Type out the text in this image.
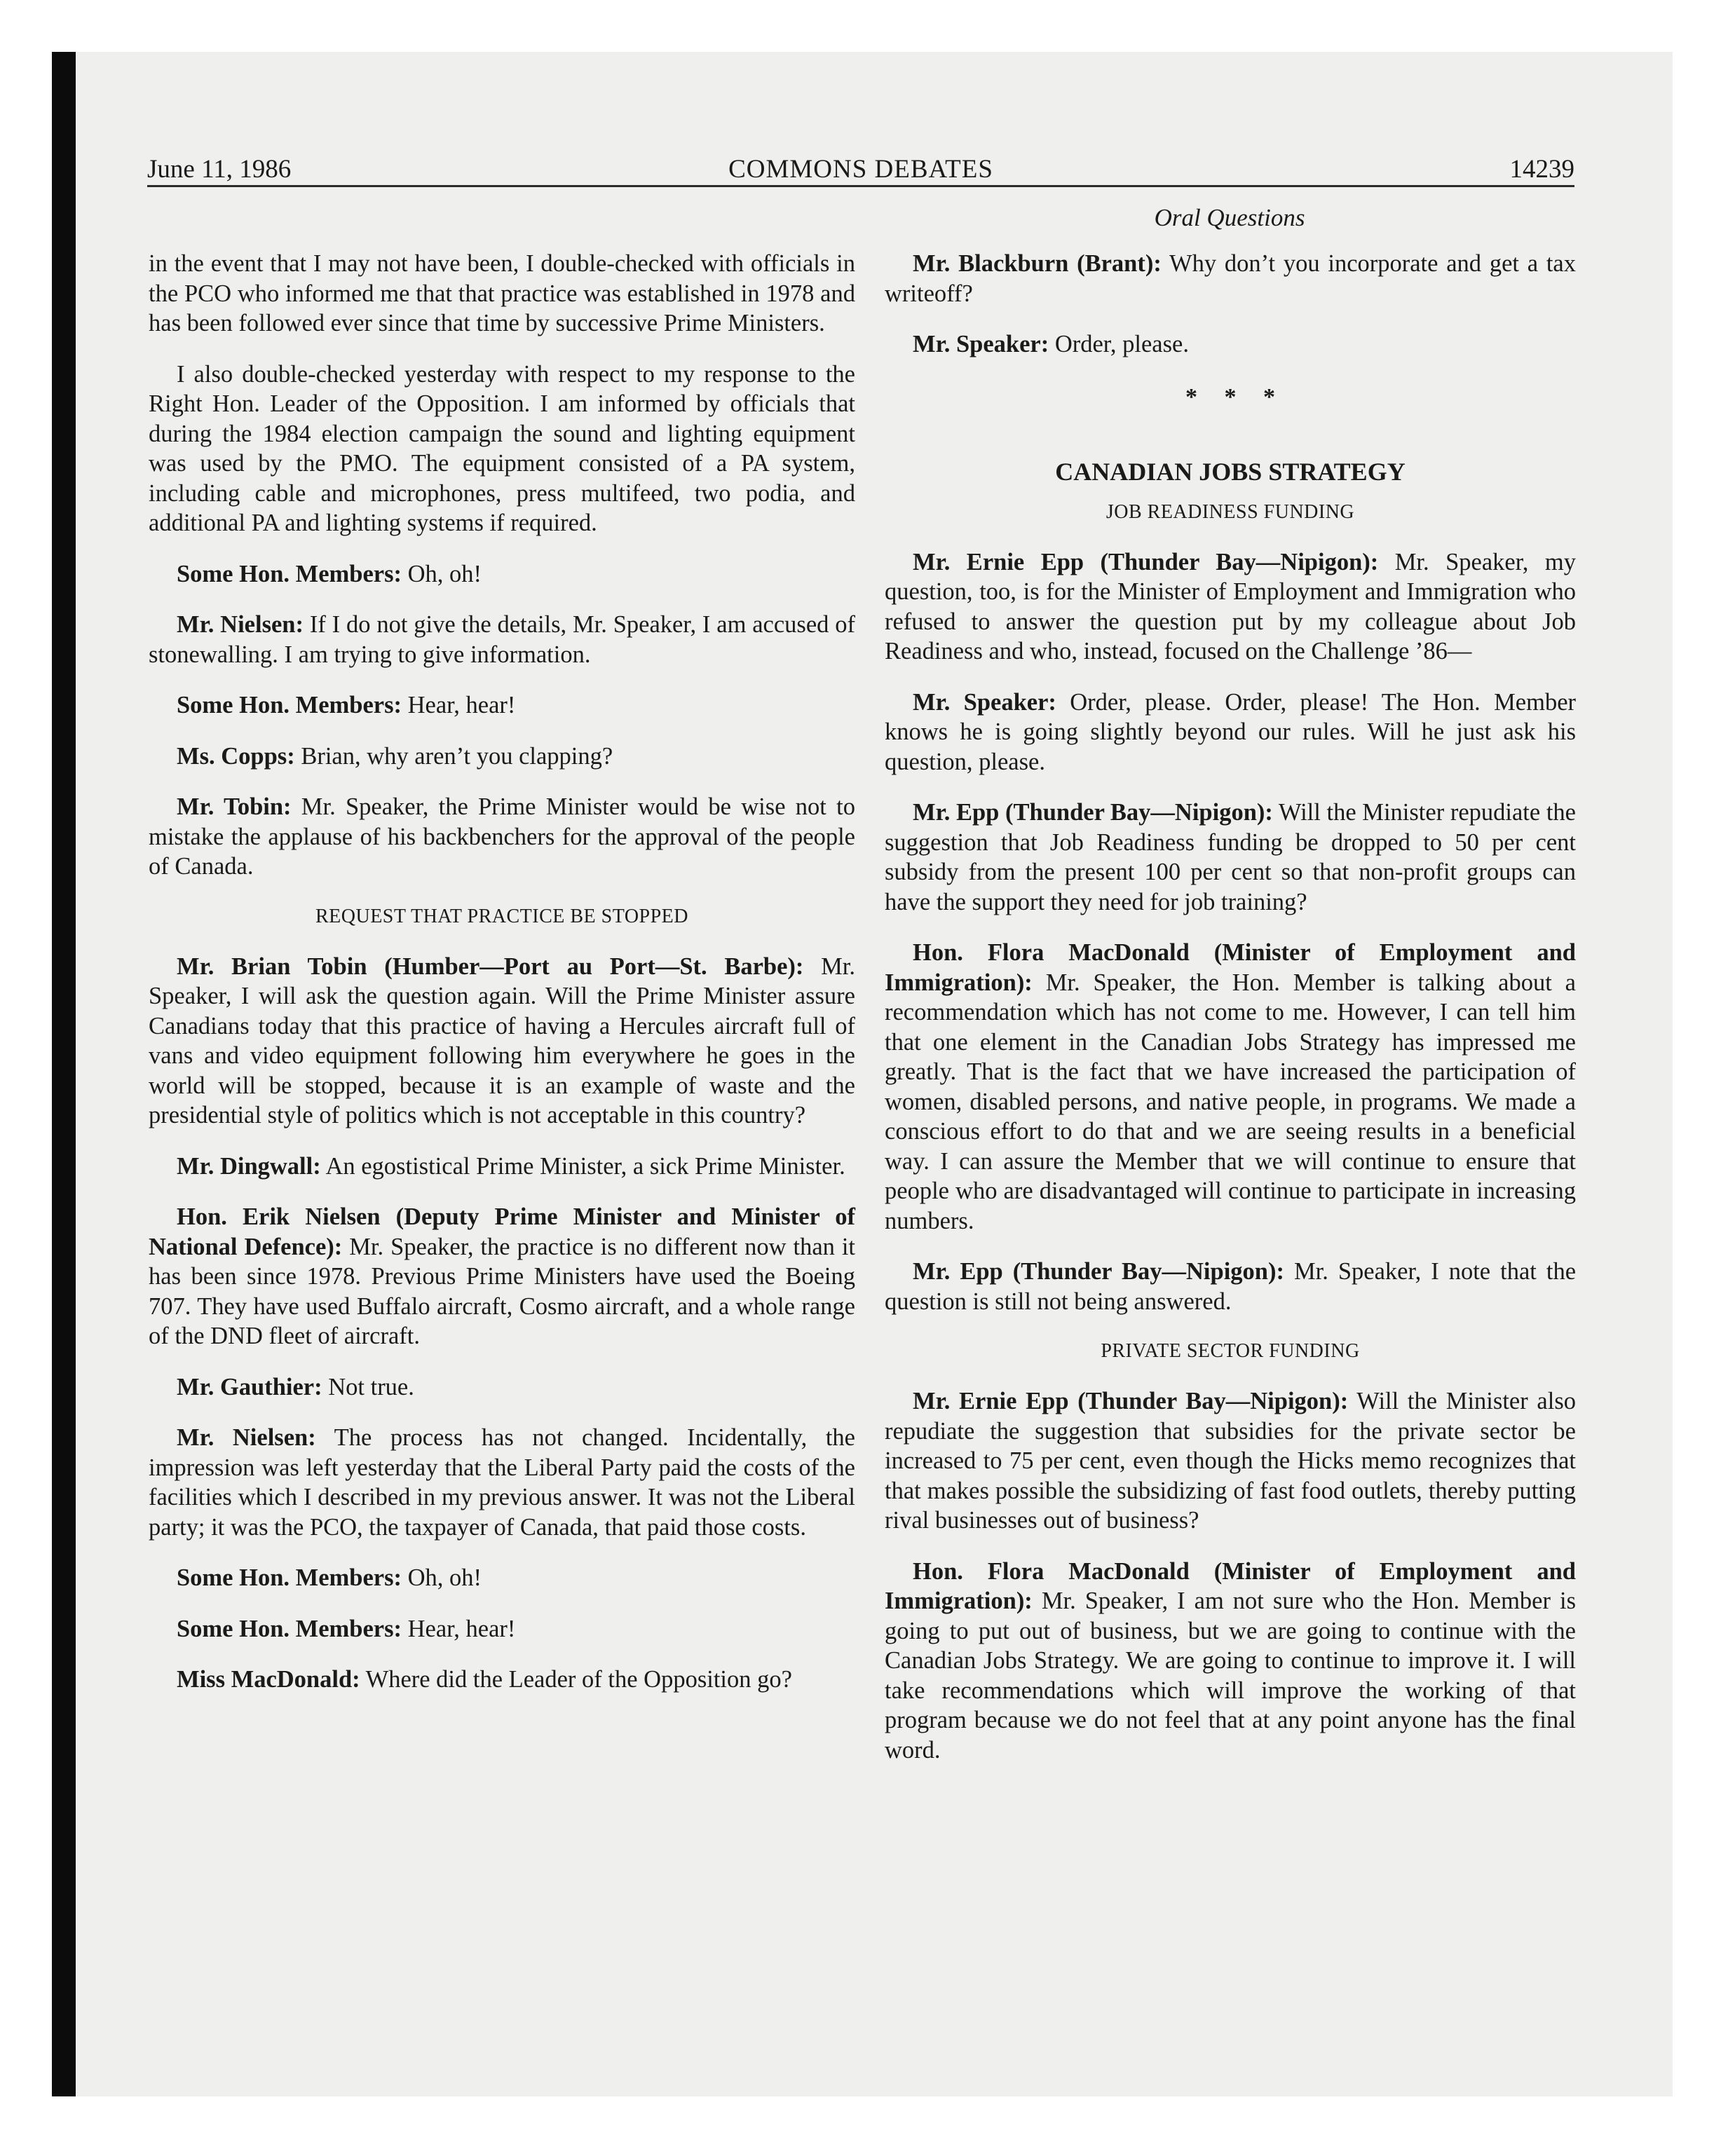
June 11, 1986	COMMONS DEBATES	14239
Oral Questions

in the event that I may not have been, I double-checked with officials in the PCO who informed me that that practice was established in 1978 and has been followed ever since that time by successive Prime Ministers.

I also double-checked yesterday with respect to my response to the Right Hon. Leader of the Opposition. I am informed by officials that during the 1984 election campaign the sound and lighting equipment was used by the PMO. The equipment consisted of a PA system, including cable and microphones, press multifeed, two podia, and additional PA and lighting systems if required.

Some Hon. Members: Oh, oh!

Mr. Nielsen: If I do not give the details, Mr. Speaker, I am accused of stonewalling. I am trying to give information.

Some Hon. Members: Hear, hear!

Ms. Copps: Brian, why aren’t you clapping?

Mr. Tobin: Mr. Speaker, the Prime Minister would be wise not to mistake the applause of his backbenchers for the approval of the people of Canada.

REQUEST THAT PRACTICE BE STOPPED

Mr. Brian Tobin (Humber—Port au Port—St. Barbe): Mr. Speaker, I will ask the question again. Will the Prime Minister assure Canadians today that this practice of having a Hercules aircraft full of vans and video equipment following him everywhere he goes in the world will be stopped, because it is an example of waste and the presidential style of politics which is not acceptable in this country?

Mr. Dingwall: An egostistical Prime Minister, a sick Prime Minister.

Hon. Erik Nielsen (Deputy Prime Minister and Minister of National Defence): Mr. Speaker, the practice is no different now than it has been since 1978. Previous Prime Ministers have used the Boeing 707. They have used Buffalo aircraft, Cosmo aircraft, and a whole range of the DND fleet of aircraft.

Mr. Gauthier: Not true.

Mr. Nielsen: The process has not changed. Incidentally, the impression was left yesterday that the Liberal Party paid the costs of the facilities which I described in my previous answer. It was not the Liberal party; it was the PCO, the taxpayer of Canada, that paid those costs.

Some Hon. Members: Oh, oh!

Some Hon. Members: Hear, hear!

Miss MacDonald: Where did the Leader of the Opposition go?

Mr. Blackburn (Brant): Why don’t you incorporate and get a tax writeoff?

Mr. Speaker: Order, please.

* * *
CANADIAN JOBS STRATEGY
JOB READINESS FUNDING

Mr. Ernie Epp (Thunder Bay—Nipigon): Mr. Speaker, my question, too, is for the Minister of Employment and Immigration who refused to answer the question put by my colleague about Job Readiness and who, instead, focused on the Challenge ’86—

Mr. Speaker: Order, please. Order, please! The Hon. Member knows he is going slightly beyond our rules. Will he just ask his question, please.

Mr. Epp (Thunder Bay—Nipigon): Will the Minister repudiate the suggestion that Job Readiness funding be dropped to 50 per cent subsidy from the present 100 per cent so that non-profit groups can have the support they need for job training?

Hon. Flora MacDonald (Minister of Employment and Immigration): Mr. Speaker, the Hon. Member is talking about a recommendation which has not come to me. However, I can tell him that one element in the Canadian Jobs Strategy has impressed me greatly. That is the fact that we have increased the participation of women, disabled persons, and native people, in programs. We made a conscious effort to do that and we are seeing results in a beneficial way. I can assure the Member that we will continue to ensure that people who are disadvantaged will continue to participate in increasing numbers.

Mr. Epp (Thunder Bay—Nipigon): Mr. Speaker, I note that the question is still not being answered.

PRIVATE SECTOR FUNDING

Mr. Ernie Epp (Thunder Bay—Nipigon): Will the Minister also repudiate the suggestion that subsidies for the private sector be increased to 75 per cent, even though the Hicks memo recognizes that that makes possible the subsidizing of fast food outlets, thereby putting rival businesses out of business?

Hon. Flora MacDonald (Minister of Employment and Immigration): Mr. Speaker, I am not sure who the Hon. Member is going to put out of business, but we are going to continue with the Canadian Jobs Strategy. We are going to continue to improve it. I will take recommendations which will improve the working of that program because we do not feel that at any point anyone has the final word.
